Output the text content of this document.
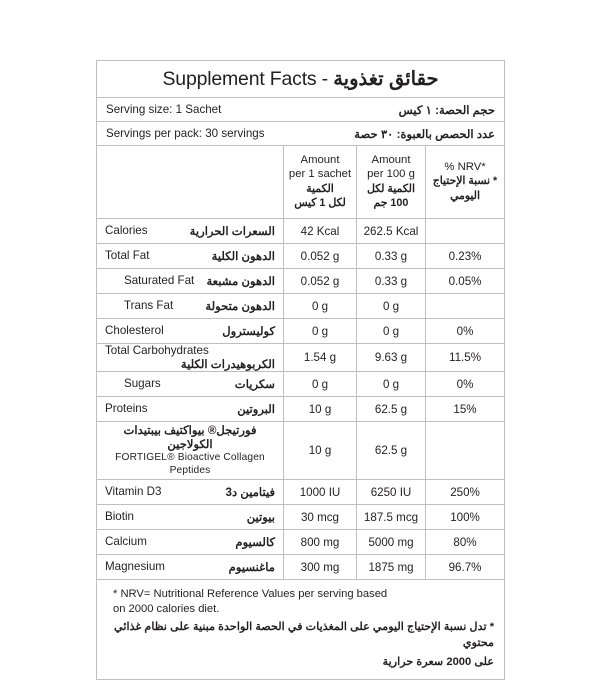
Supplement Facts - حقائق تغذوية			

Serving size: 1 Sachet حجم الحصة: ١ كيس			

Servings per pack: 30 servings عدد الحصص بالعبوة: ٣٠ حصة			

	Amount
per 1 sachet
الكمية
لكل 1 كيس	Amount
per 100 g
الكمية لكل
100 جم	% NRV*
* نسبة الإحتياج
اليومي

Calories السعرات الحرارية	42 Kcal	262.5 Kcal	

Total Fat الدهون الكلية	0.052 g	0.33 g	0.23%

Saturated Fat الدهون مشبعة	0.052 g	0.33 g	0.05%

Trans Fat الدهون متحولة	0 g	0 g	

Cholesterol كوليسترول	0 g	0 g	0%

Total Carbohydrates
الكربوهيدرات الكلية	1.54 g	9.63 g	11.5%

Sugars سكريات	0 g	0 g	0%

Proteins البروتين	10 g	62.5 g	15%

فورتيجل® بيواكتيف بيبتيدات الكولاجين
FORTIGEL® Bioactive Collagen Peptides	10 g	62.5 g	

Vitamin D3 فيتامين د3	1000 IU	6250 IU	250%

Biotin بيوتين	30 mcg	187.5 mcg	100%

Calcium كالسيوم	800 mg	5000 mg	80%

Magnesium ماغنسيوم	300 mg	1875 mg	96.7%

* NRV= Nutritional Reference Values per serving based
on 2000 calories diet.
* تدل نسبة الإحتياج اليومي على المغذيات في الحصة الواحدة مبنية على نظام غذائي محتوي
على 2000 سعرة حرارية			
